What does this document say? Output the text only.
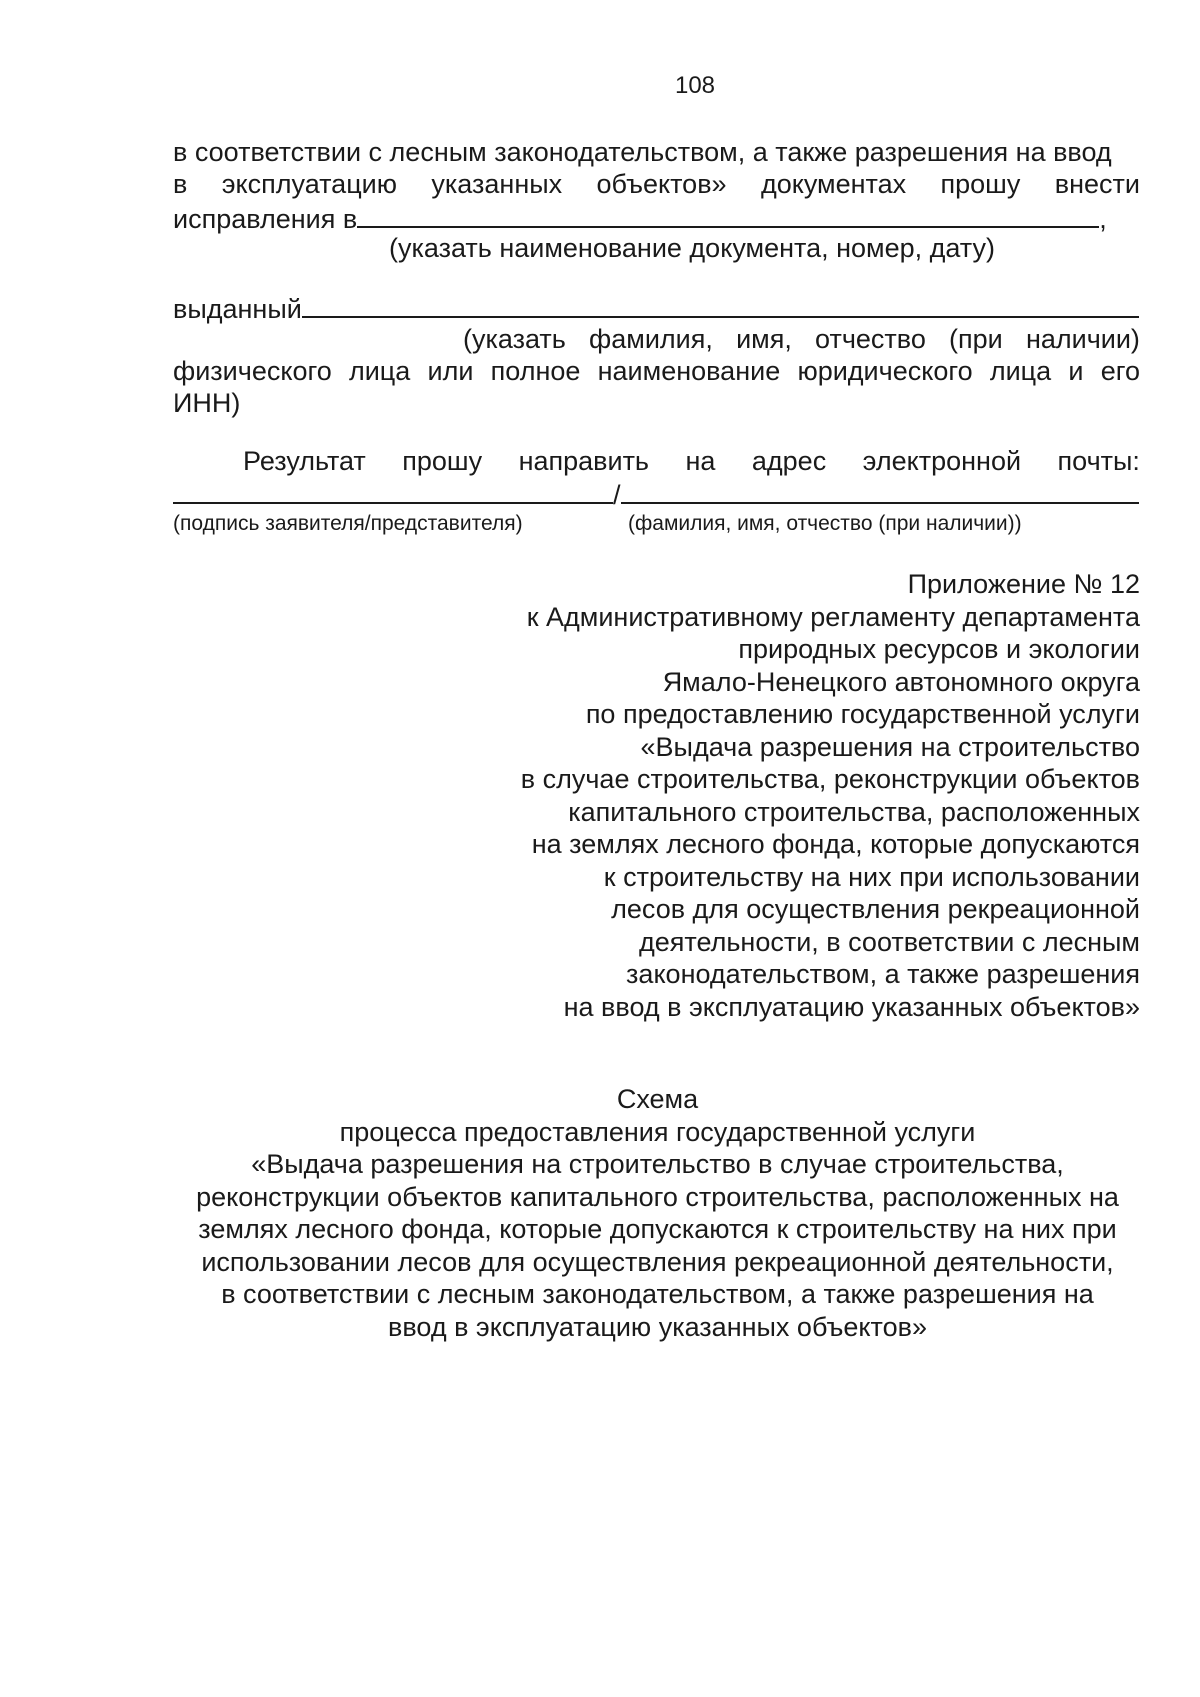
108
в соответствии с лесным законодательством, а также разрешения на ввод
в эксплуатацию указанных объектов» документах прошу внести
исправления в	,
(указать наименование документа, номер, дату)
выданный
(указать фамилия, имя, отчество (при наличии)
физического лица или полное наименование юридического лица и его
ИНН)
Результат прошу направить на адрес электронной почты:
/
(подпись заявителя/представителя)	(фамилия, имя, отчество (при наличии))
Приложение № 12
к Административному регламенту департамента
природных ресурсов и экологии
Ямало-Ненецкого автономного округа
по предоставлению государственной услуги
«Выдача разрешения на строительство
в случае строительства, реконструкции объектов
капитального строительства, расположенных
на землях лесного фонда, которые допускаются
к строительству на них при использовании
лесов для осуществления рекреационной
деятельности, в соответствии с лесным
законодательством, а также разрешения
на ввод в эксплуатацию указанных объектов»
Схема
процесса предоставления государственной услуги
«Выдача разрешения на строительство в случае строительства,
реконструкции объектов капитального строительства, расположенных на
землях лесного фонда, которые допускаются к строительству на них при
использовании лесов для осуществления рекреационной деятельности,
в соответствии с лесным законодательством, а также разрешения на
ввод в эксплуатацию указанных объектов»
